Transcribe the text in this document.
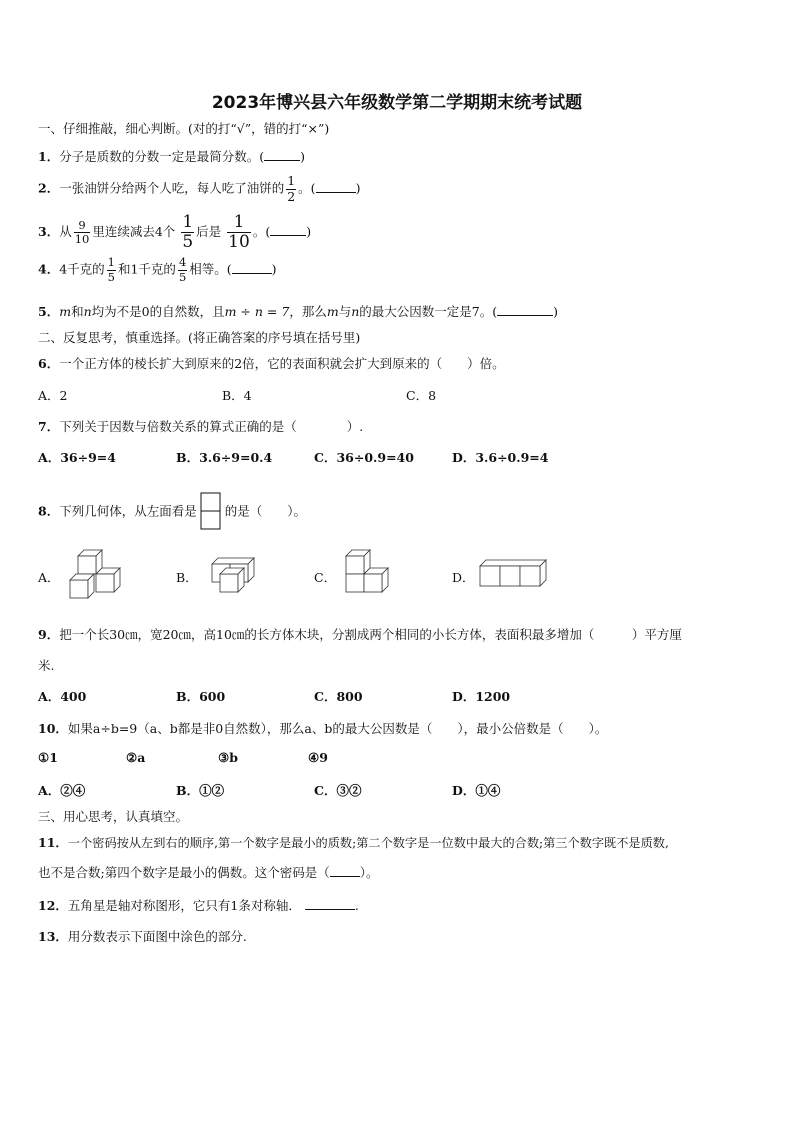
2023年博兴县六年级数学第二学期期末统考试题
一、仔细推敲，细心判断。(对的打“√”，错的打“×”)
1．分子是质数的分数一定是最简分数。(	)
2．一张油饼分给两个人吃，每人吃了油饼的 $\frac{1}{2}$ 。(	)
3．从 $\frac{9}{10}$ 里连续减去4个 $\frac{1}{5}$ 后是 $\frac{1}{10}$ 。(	)
4．4千克的 $\frac{1}{5}$ 和1千克的 $\frac{4}{5}$ 相等。(	)
5．m和n均为不是0的自然数，且m ÷ n = 7，那么m与n的最大公因数一定是7。(	)
二、反复思考，慎重选择。(将正确答案的序号填在括号里)
6．一个正方体的棱长扩大到原来的2倍，它的表面积就会扩大到原来的（　　）倍。
A．2	B．4	C．8
7．下列关于因数与倍数关系的算式正确的是（　　　　）.
A．36÷9=4	B．3.6÷9=0.4	C．36÷0.9=40	D．3.6÷0.9=4
8．下列几何体，从左面看是 的是（　　）。
A．	B．	C．	D．
9．把一个长30㎝，宽20㎝，高10㎝的长方体木块，分割成两个相同的小长方体，表面积最多增加（　　　）平方厘
米.
A．400	B．600	C．800	D．1200
10．如果a÷b=9（a、b都是非0自然数），那么a、b的最大公因数是（　　），最小公倍数是（　　）。
①1	②a	③b	④9
A．②④	B．①②	C．③②	D．①④
三、用心思考，认真填空。
11．一个密码按从左到右的顺序,第一个数字是最小的质数;第二个数字是一位数中最大的合数;第三个数字既不是质数,
也不是合数;第四个数字是最小的偶数。这个密码是（ ）。
12．五角星是轴对称图形，它只有1条对称轴．	.
13．用分数表示下面图中涂色的部分.
